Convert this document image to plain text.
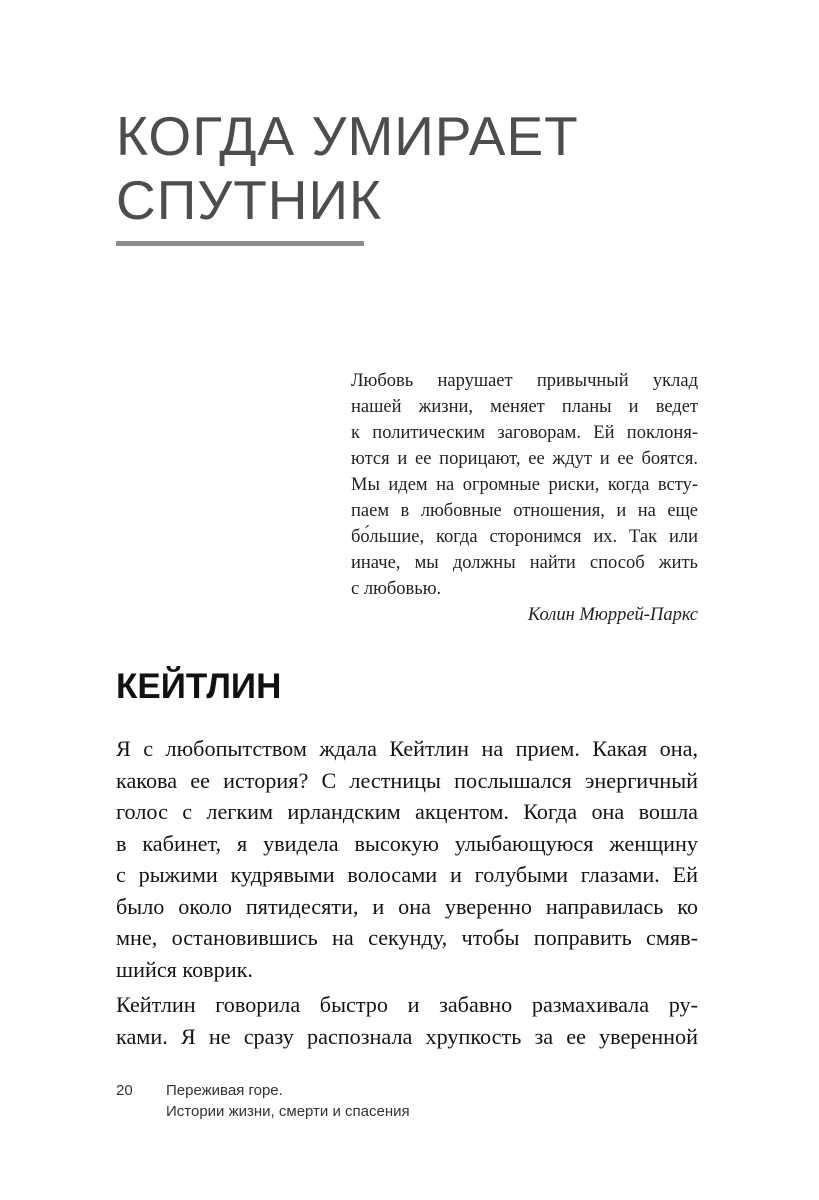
КОГДА УМИРАЕТ
СПУТНИК
Любовь нарушает привычный уклад
нашей жизни, меняет планы и ведет
к политическим заговорам. Ей поклоня-
ются и ее порицают, ее ждут и ее боятся.
Мы идем на огромные риски, когда всту-
паем в любовные отношения, и на еще
бо́льшие, когда сторонимся их. Так или
иначе, мы должны найти способ жить
с любовью.
Колин Мюррей-Паркс
КЕЙТЛИН
Я с любопытством ждала Кейтлин на прием. Какая она,
какова ее история? С лестницы послышался энергичный
голос с легким ирландским акцентом. Когда она вошла
в кабинет, я увидела высокую улыбающуюся женщину
с рыжими кудрявыми волосами и голубыми глазами. Ей
было около пятидесяти, и она уверенно направилась ко
мне, остановившись на секунду, чтобы поправить смяв-
шийся коврик.
Кейтлин говорила быстро и забавно размахивала ру-
ками. Я не сразу распознала хрупкость за ее уверенной
20 Переживая горе.
Истории жизни, смерти и спасения
